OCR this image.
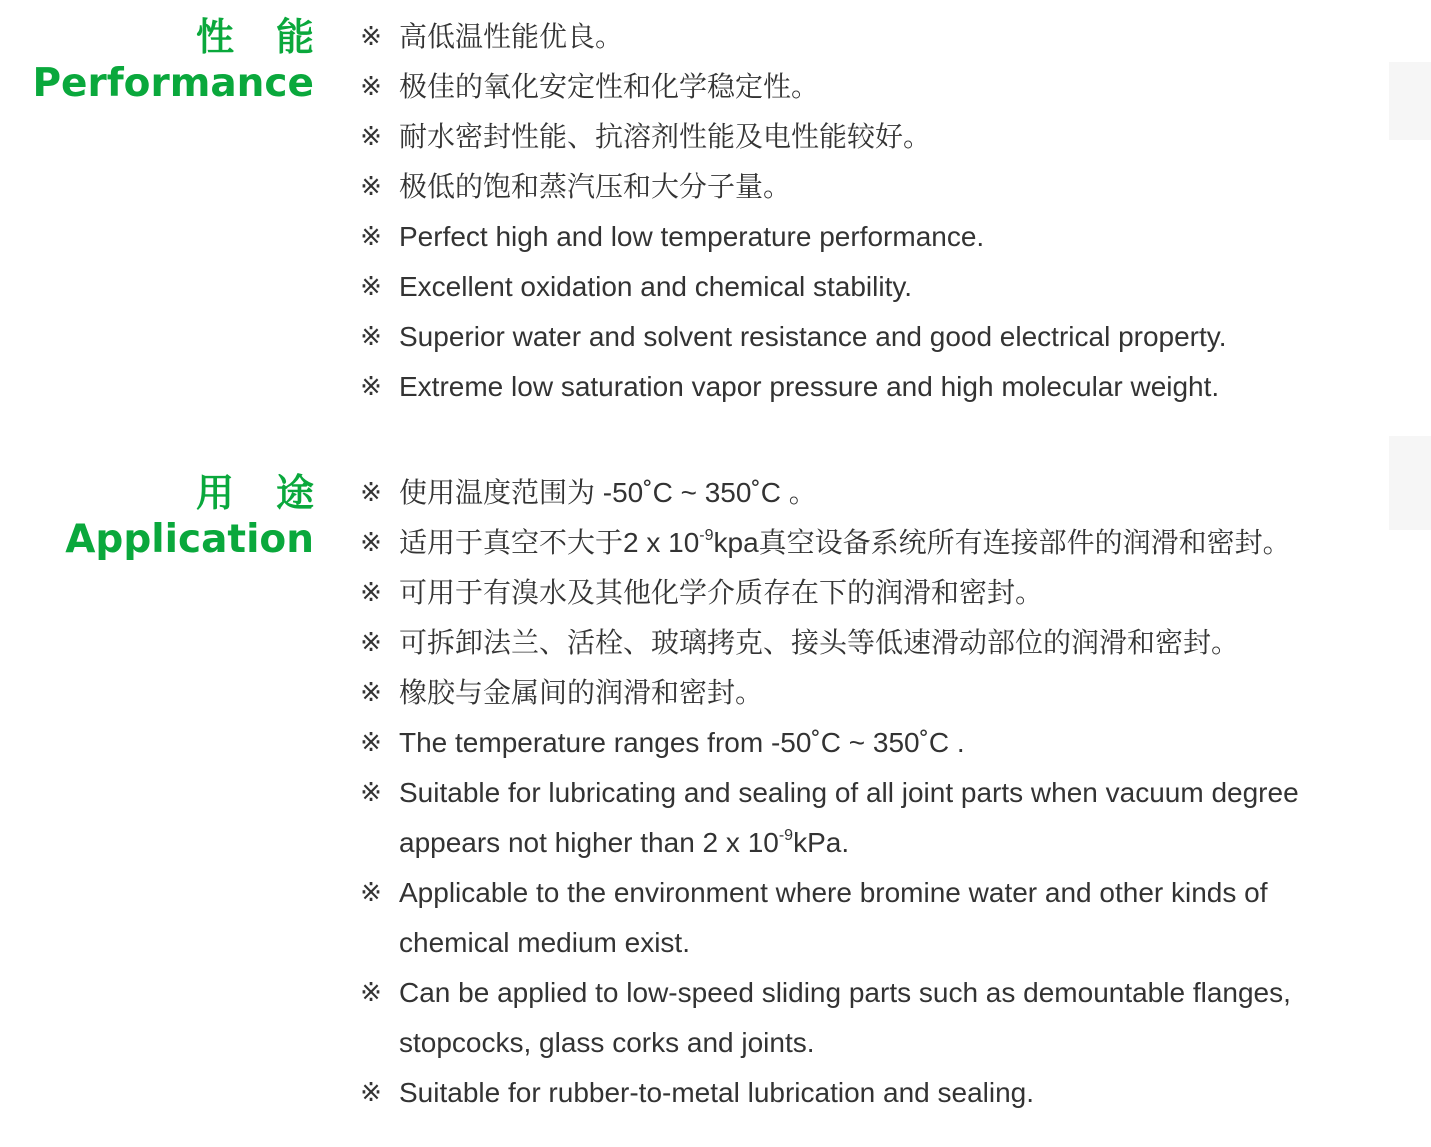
性 能
Performance
※ 高低温性能优良。
※ 极佳的氧化安定性和化学稳定性。
※ 耐水密封性能、抗溶剂性能及电性能较好。
※ 极低的饱和蒸汽压和大分子量。
※ Perfect high and low temperature performance.
※ Excellent oxidation and chemical stability.
※ Superior water and solvent resistance and good electrical property.
※ Extreme low saturation vapor pressure and high molecular weight.
用 途
Application
※ 使用温度范围为 -50˚C ~ 350˚C 。
※ 适用于真空不大于2 x $10^{-9}kpa$真空设备系统所有连接部件的润滑和密封。
※ 可用于有溴水及其他化学介质存在下的润滑和密封。
※ 可拆卸法兰、活栓、玻璃拷克、接头等低速滑动部位的润滑和密封。
※ 橡胶与金属间的润滑和密封。
※ The temperature ranges from -50˚C ~ 350˚C .
※ Suitable for lubricating and sealing of all joint parts when vacuum degree
appears not higher than 2 x $10^{-9}kPa$.
※ Applicable to the environment where bromine water and other kinds of
chemical medium exist.
※ Can be applied to low-speed sliding parts such as demountable flanges,
stopcocks, glass corks and joints.
※ Suitable for rubber-to-metal lubrication and sealing.
